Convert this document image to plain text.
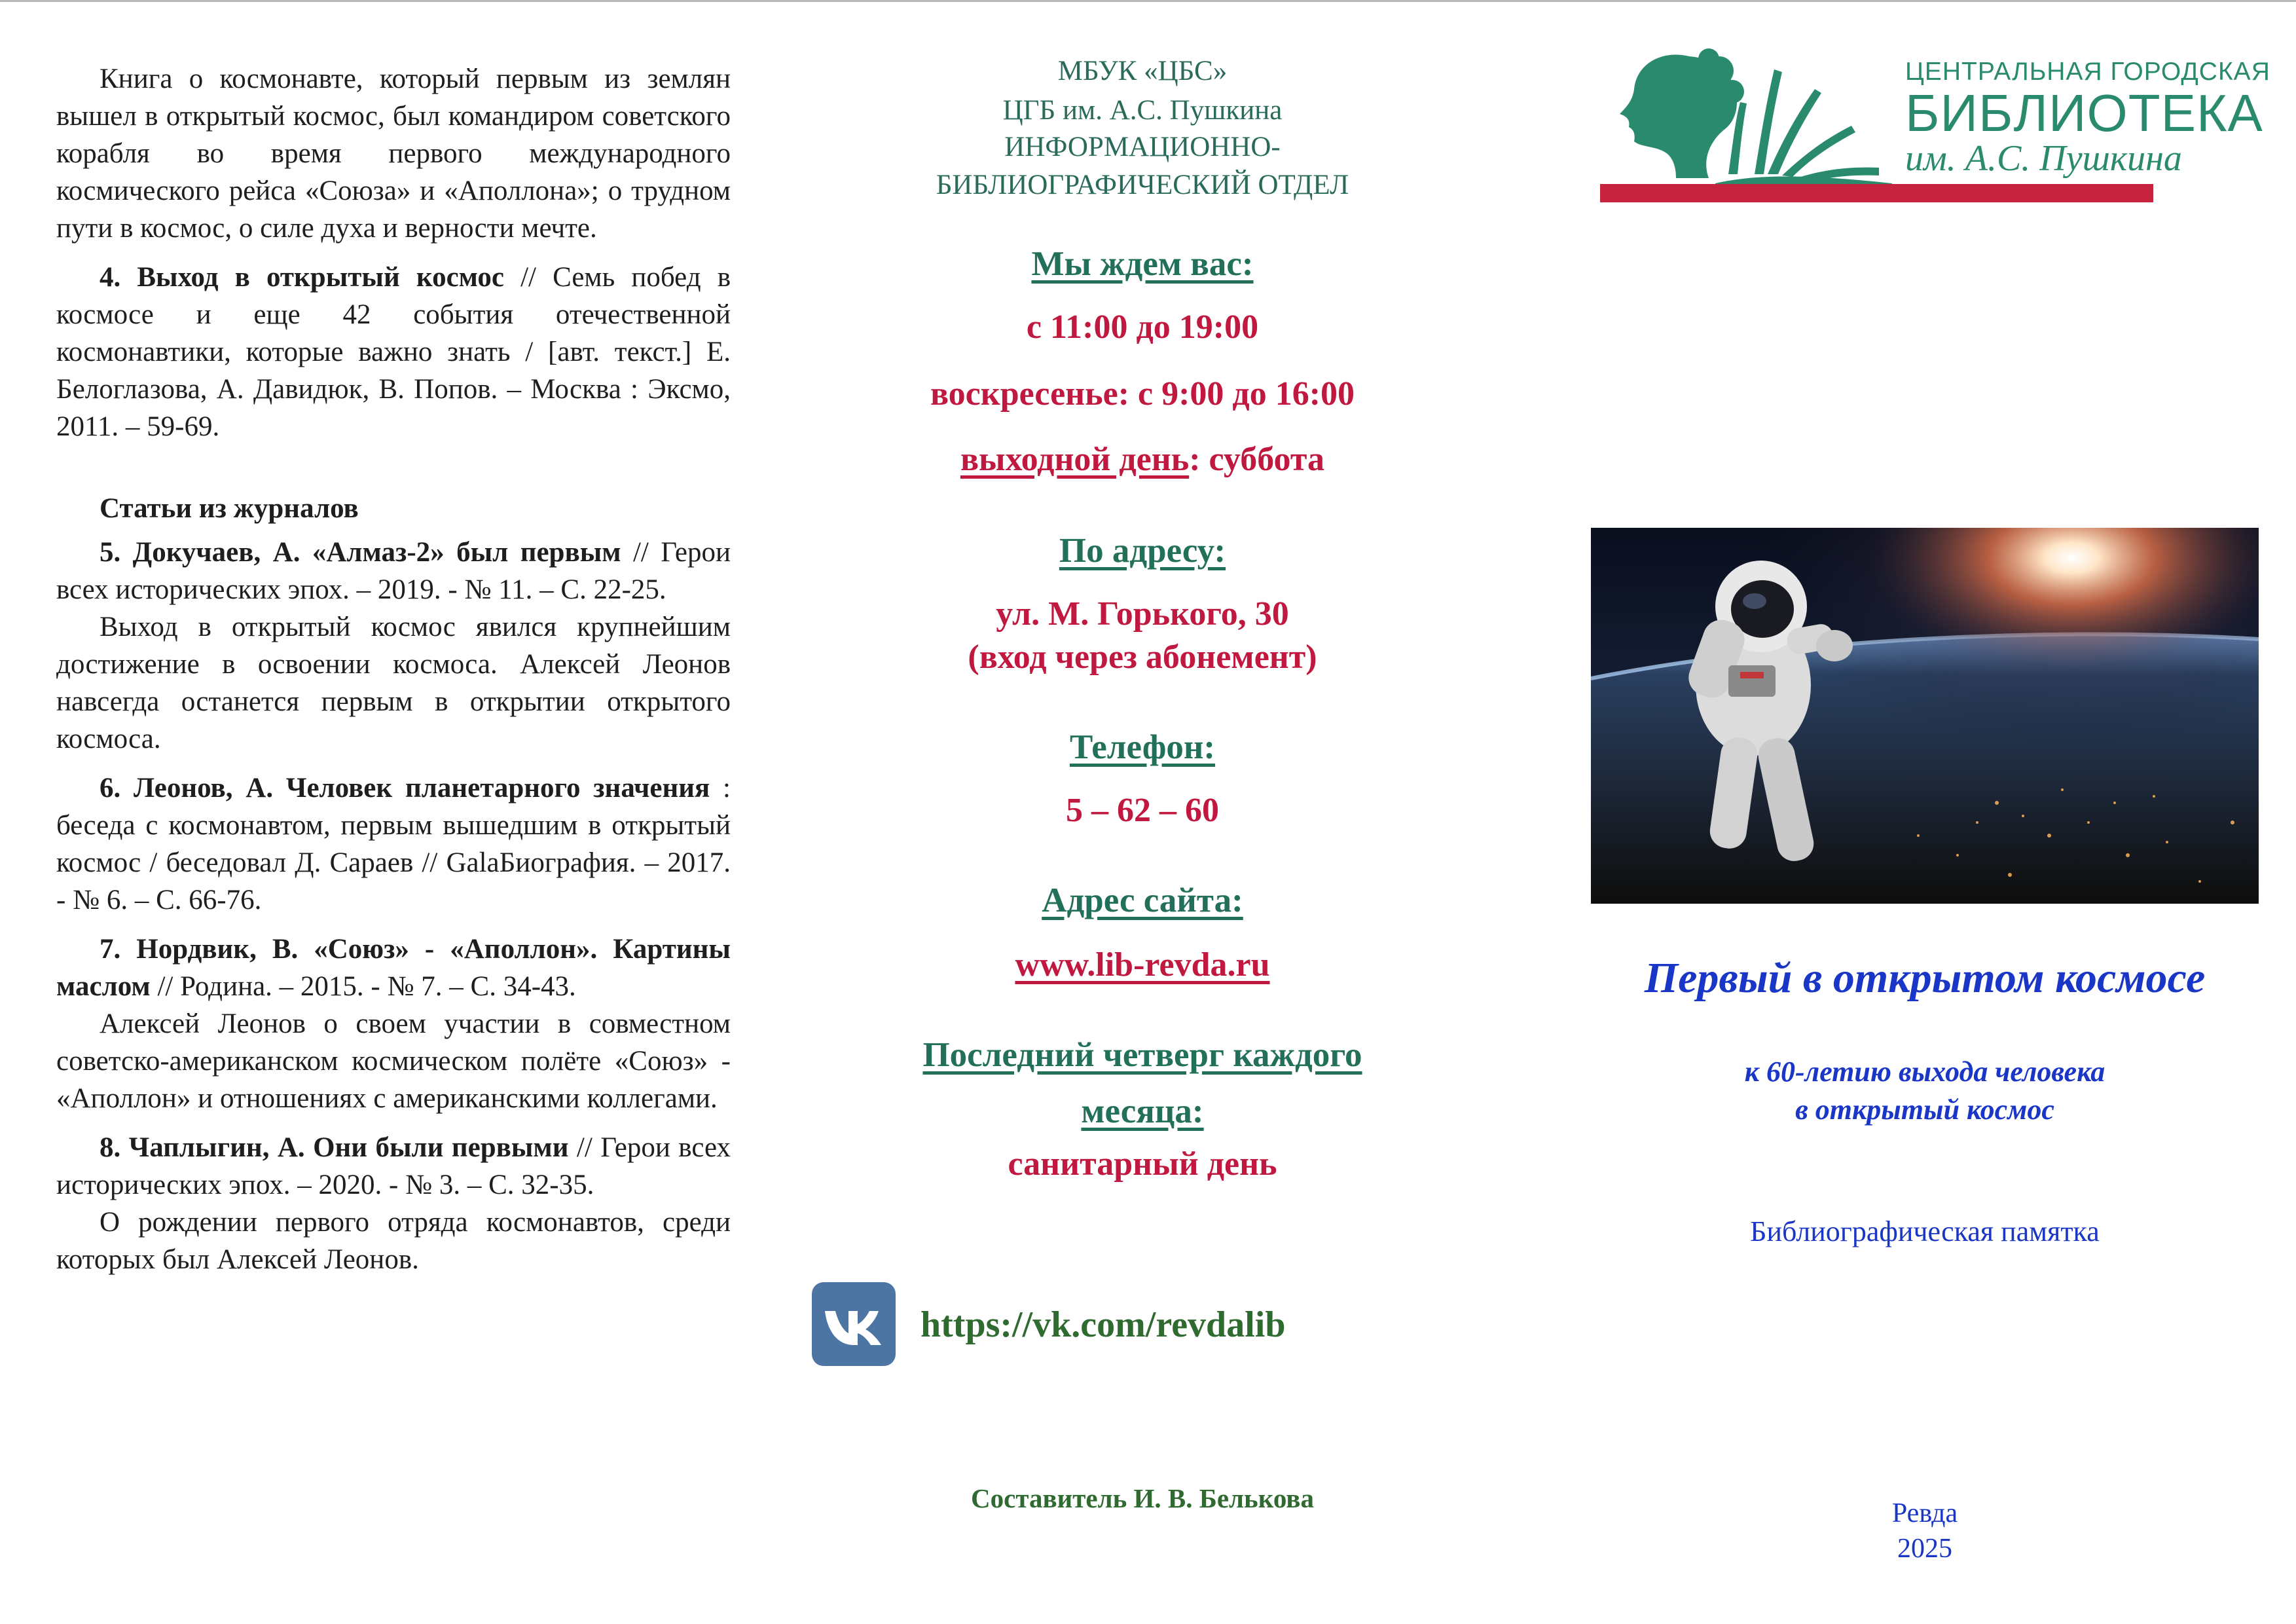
Книга о космонавте, который первым из землян вышел в открытый космос, был командиром советского корабля во время первого международного космического рейса «Союза» и «Аполлона»; о трудном пути в космос, о силе духа и верности мечте.

4. Выход в открытый космос // Семь побед в космосе и еще 42 события отечественной космонавтики, которые важно знать / [авт. текст.] Е. Белоглазова, А. Давидюк, В. Попов. – Москва : Эксмо, 2011. – 59-69.

Статьи из журналов

5. Докучаев, А. «Алмаз-2» был первым // Герои всех исторических эпох. – 2019. - № 11. – С. 22-25.

Выход в открытый космос явился крупнейшим достижение в освоении космоса. Алексей Леонов навсегда останется первым в открытии открытого космоса.

6. Леонов, А. Человек планетарного значения : беседа с космонавтом, первым вышедшим в открытый космос / беседовал Д. Сараев // GalaБиография. – 2017. - № 6. – С. 66-76.

7. Нордвик, В. «Союз» - «Аполлон». Картины маслом // Родина. – 2015. - № 7. – С. 34-43.

Алексей Леонов о своем участии в совместном советско-американском космическом полёте «Союз» - «Аполлон» и отношениях с американскими коллегами.

8. Чаплыгин, А. Они были первыми // Герои всех исторических эпох. – 2020. - № 3. – С. 32-35.

О рождении первого отряда космонавтов, среди которых был Алексей Леонов.

МБУК «ЦБС»
ЦГБ им. А.С. Пушкина
ИНФОРМАЦИОННО-
БИБЛИОГРАФИЧЕСКИЙ ОТДЕЛ
Мы ждем вас:
с 11:00 до 19:00
воскресенье: с 9:00 до 16:00
выходной день: суббота
По адресу:
ул. М. Горького, 30
(вход через абонемент)
Телефон:
5 – 62 – 60
Адрес сайта:
www.lib-revda.ru
Последний четверг каждого
месяца:
санитарный день
https://vk.com/revdalib
Составитель И. В. Белькова
ЦЕНТРАЛЬНАЯ ГОРОДСКАЯ
БИБЛИОТЕКА
им. А.С. Пушкина
Первый в открытом космосе
к 60-летию выхода человека
в открытый космос
Библиографическая памятка
Ревда
2025
